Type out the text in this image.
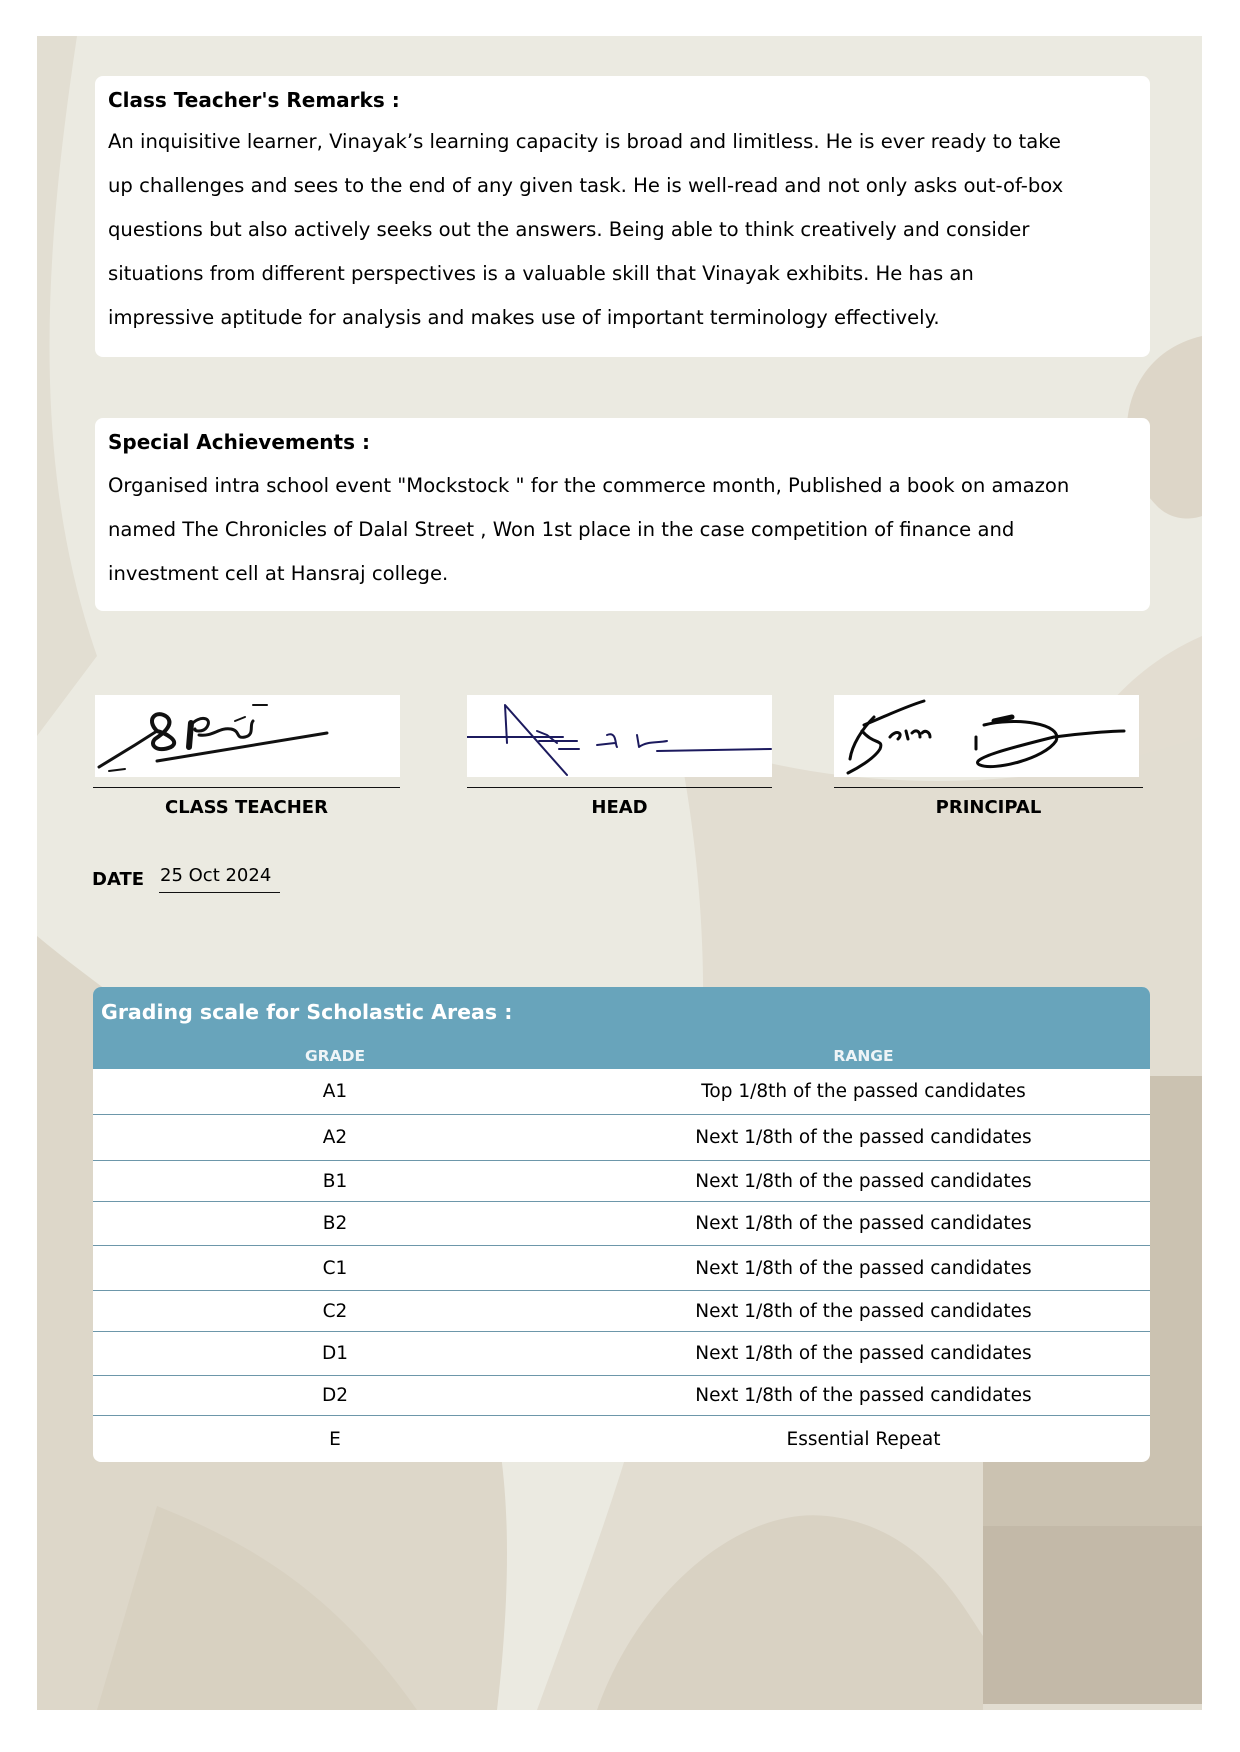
Class Teacher's Remarks :
An inquisitive learner, Vinayak’s learning capacity is broad and limitless. He is ever ready to take
up challenges and sees to the end of any given task. He is well-read and not only asks out-of-box
questions but also actively seeks out the answers. Being able to think creatively and consider
situations from different perspectives is a valuable skill that Vinayak exhibits. He has an
impressive aptitude for analysis and makes use of important terminology effectively.
Special Achievements :
Organised intra school event "Mockstock " for the commerce month, Published a book on amazon
named The Chronicles of Dalal Street , Won 1st place in the case competition of finance and
investment cell at Hansraj college.
CLASS TEACHER	HEAD	PRINCIPAL
DATE 25 Oct 2024
Grading scale for Scholastic Areas :
GRADE	RANGE
A1	Top 1/8th of the passed candidates
A2	Next 1/8th of the passed candidates
B1	Next 1/8th of the passed candidates
B2	Next 1/8th of the passed candidates
C1	Next 1/8th of the passed candidates
C2	Next 1/8th of the passed candidates
D1	Next 1/8th of the passed candidates
D2	Next 1/8th of the passed candidates
E	Essential Repeat
